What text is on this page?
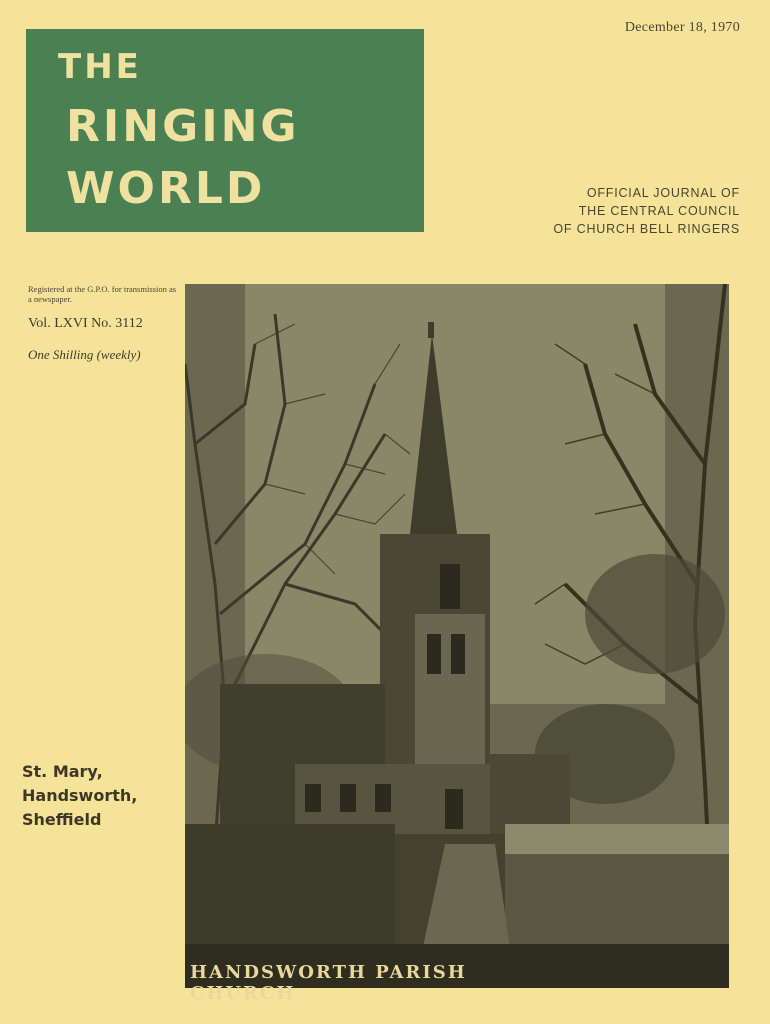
December 18, 1970
THE
RINGING
WORLD	OFFICIAL JOURNAL OF
THE CENTRAL COUNCIL
OF CHURCH BELL RINGERS
Registered at the G.P.O. for transmission as a newspaper.
Vol. LXVI No. 3112
One Shilling (weekly)
St. Mary,
Handsworth,
Sheffield
HANDSWORTH PARISH CHURCH
